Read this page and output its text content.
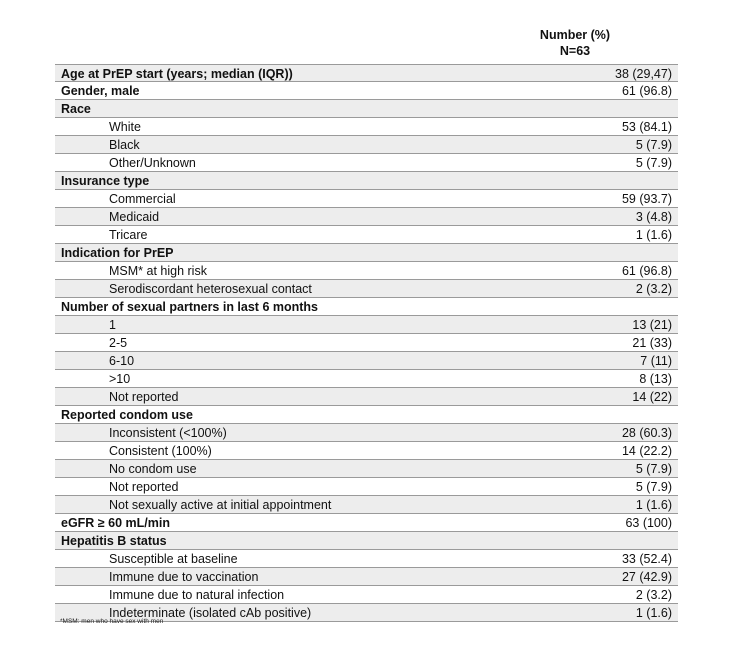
Number (%)
N=63
Age at PrEP start (years; median (IQR))	38 (29,47)
Gender, male	61 (96.8)
Race
White	53 (84.1)
Black	5 (7.9)
Other/Unknown	5 (7.9)
Insurance type
Commercial	59 (93.7)
Medicaid	3 (4.8)
Tricare	1 (1.6)
Indication for PrEP
MSM* at high risk	61 (96.8)
Serodiscordant heterosexual contact	2 (3.2)
Number of sexual partners in last 6 months
1	13 (21)
2-5	21 (33)
6-10	7 (11)
>10	8 (13)
Not reported	14 (22)
Reported condom use
Inconsistent (<100%)	28 (60.3)
Consistent (100%)	14 (22.2)
No condom use	5 (7.9)
Not reported	5 (7.9)
Not sexually active at initial appointment	1 (1.6)
eGFR ≥ 60 mL/min	63 (100)
Hepatitis B status
Susceptible at baseline	33 (52.4)
Immune due to vaccination	27 (42.9)
Immune due to natural infection	2 (3.2)
Indeterminate (isolated cAb positive)	1 (1.6)
*MSM: men who have sex with men
